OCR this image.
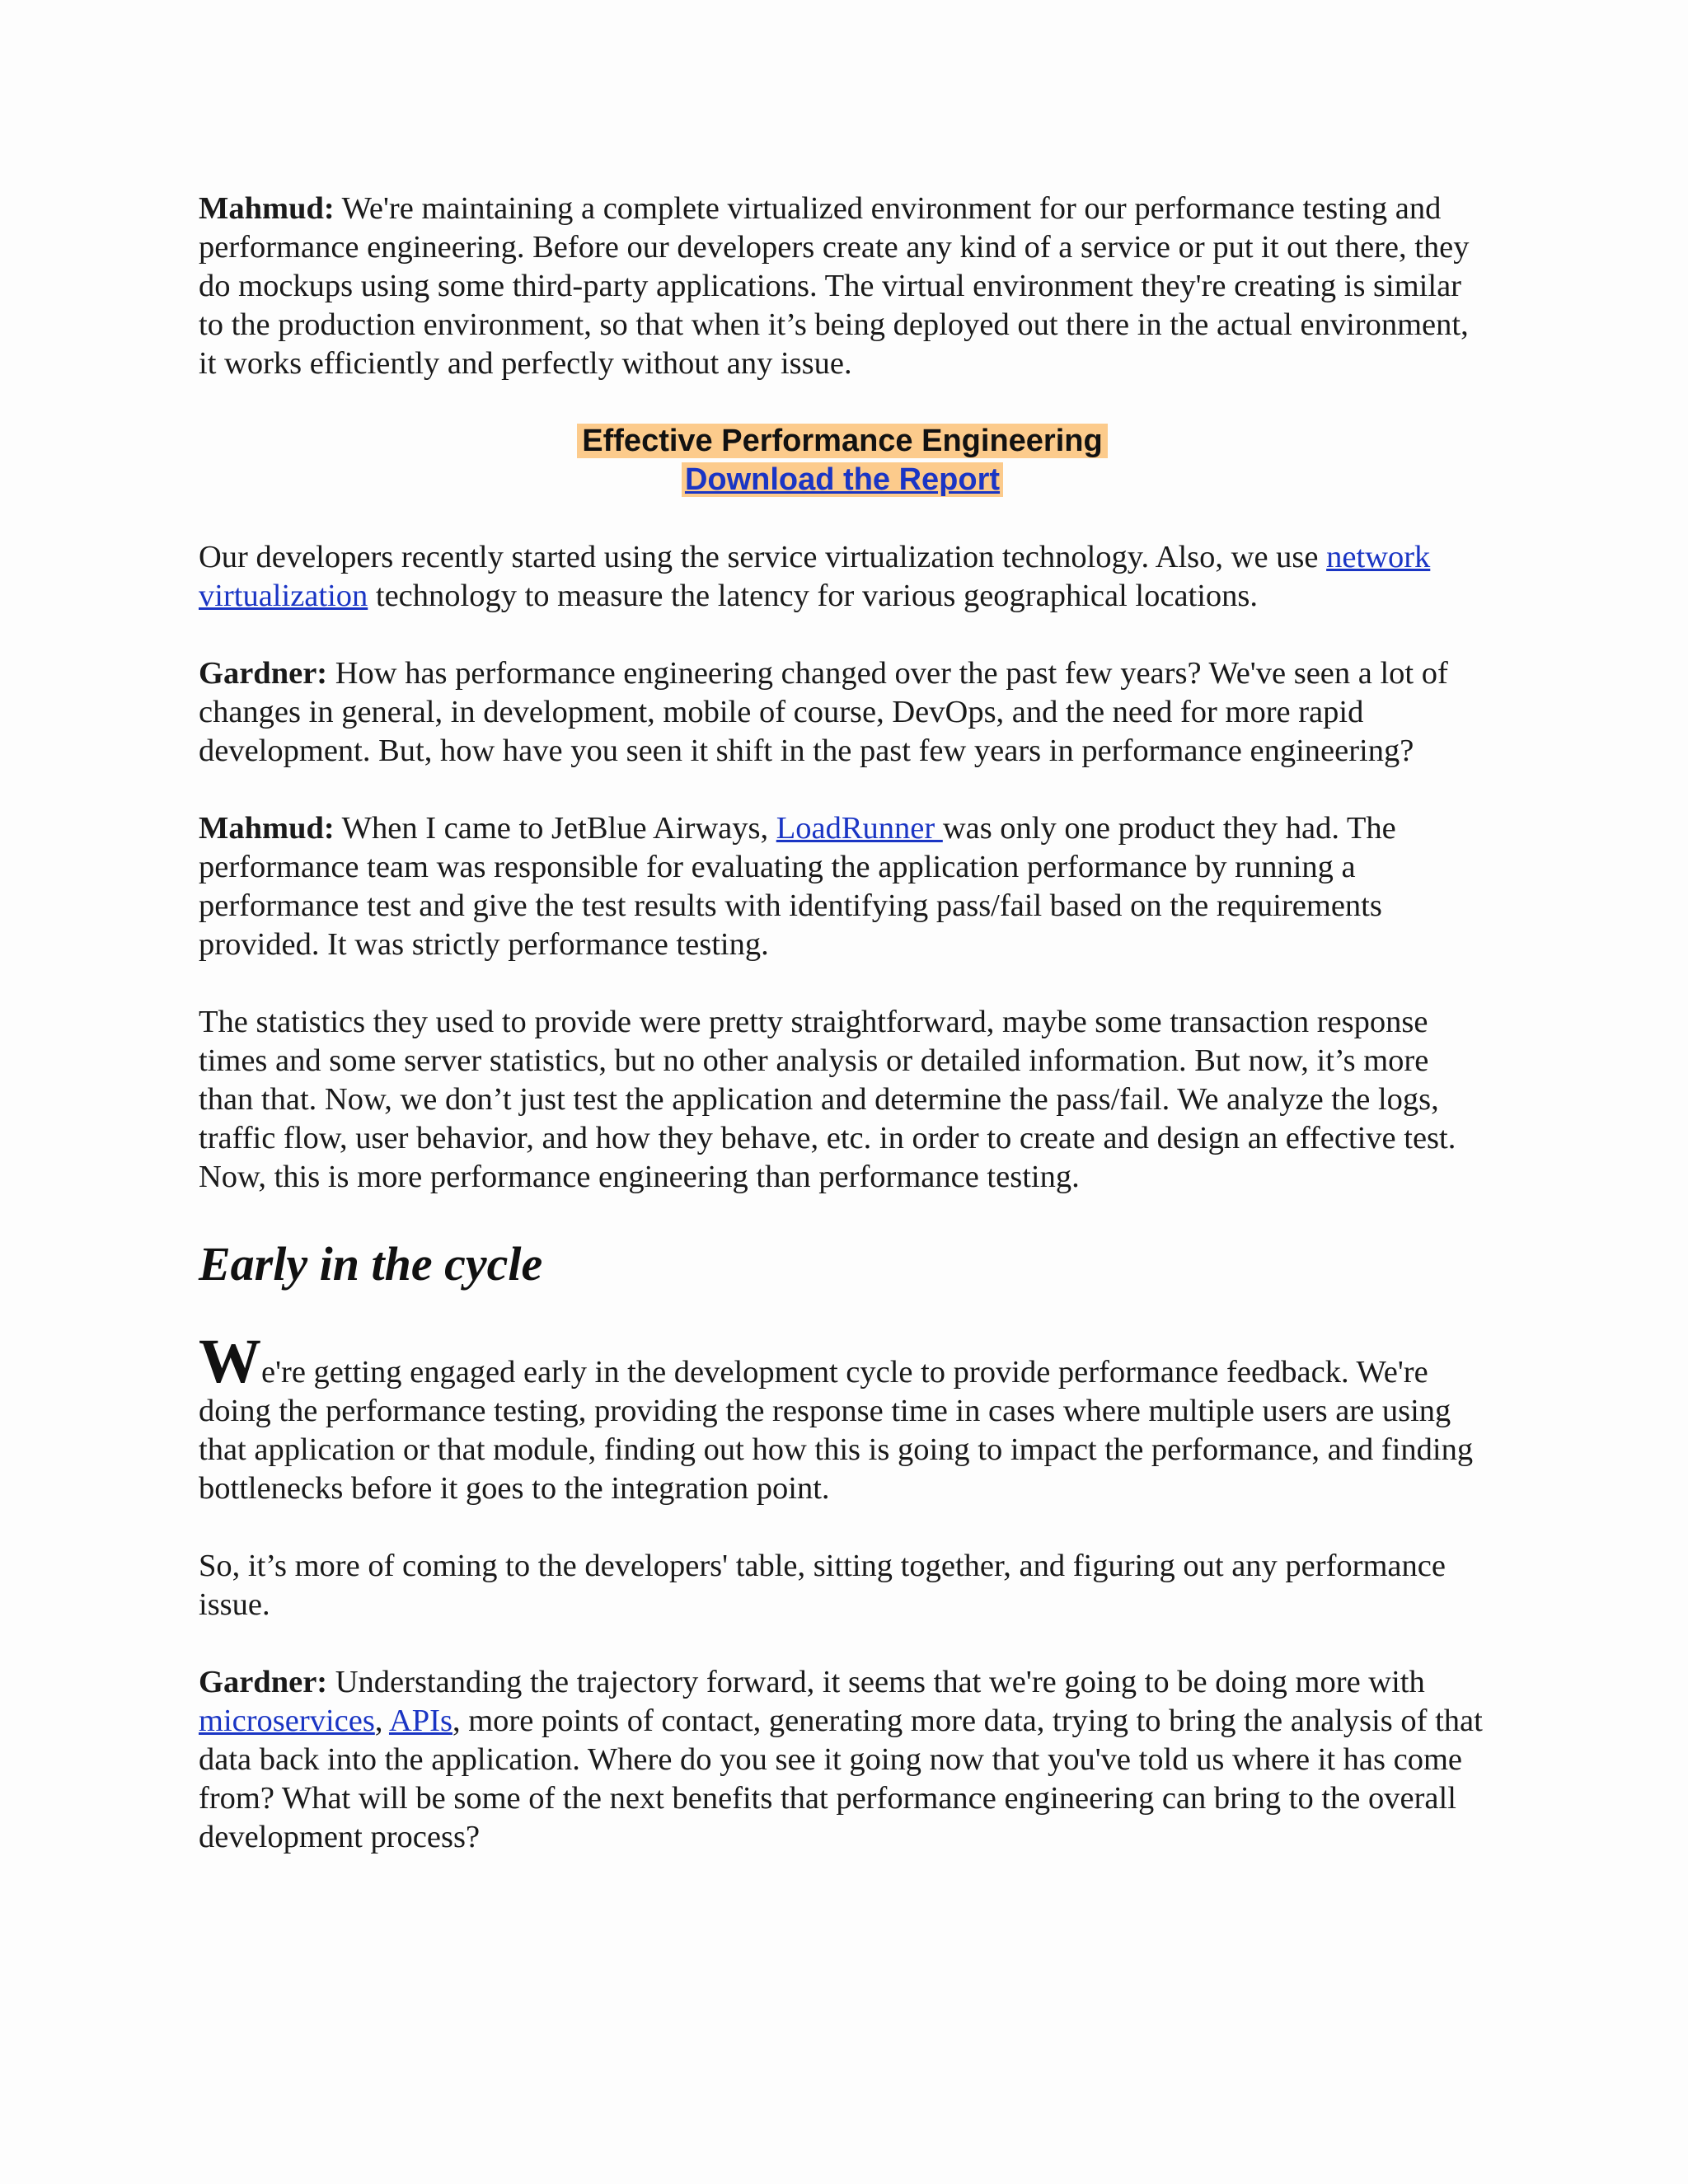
Mahmud: We're maintaining a complete virtualized environment for our performance testing and performance engineering. Before our developers create any kind of a service or put it out there, they do mockups using some third-party applications. The virtual environment they're creating is similar to the production environment, so that when it’s being deployed out there in the actual environment, it works efficiently and perfectly without any issue.

Effective Performance Engineering
Download the Report

Our developers recently started using the service virtualization technology. Also, we use network virtualization technology to measure the latency for various geographical locations.

Gardner: How has performance engineering changed over the past few years? We've seen a lot of changes in general, in development, mobile of course, DevOps, and the need for more rapid development. But, how have you seen it shift in the past few years in performance engineering?

Mahmud: When I came to JetBlue Airways, LoadRunner was only one product they had. The performance team was responsible for evaluating the application performance by running a performance test and give the test results with identifying pass/fail based on the requirements provided. It was strictly performance testing.

The statistics they used to provide were pretty straightforward, maybe some transaction response times and some server statistics, but no other analysis or detailed information. But now, it’s more than that. Now, we don’t just test the application and determine the pass/fail. We analyze the logs, traffic flow, user behavior, and how they behave, etc. in order to create and design an effective test. Now, this is more performance engineering than performance testing.

Early in the cycle

We're getting engaged early in the development cycle to provide performance feedback. We're doing the performance testing, providing the response time in cases where multiple users are using that application or that module, finding out how this is going to impact the performance, and finding bottlenecks before it goes to the integration point.

So, it’s more of coming to the developers' table, sitting together, and figuring out any performance issue.

Gardner: Understanding the trajectory forward, it seems that we're going to be doing more with microservices, APIs, more points of contact, generating more data, trying to bring the analysis of that data back into the application. Where do you see it going now that you've told us where it has come from? What will be some of the next benefits that performance engineering can bring to the overall development process?
